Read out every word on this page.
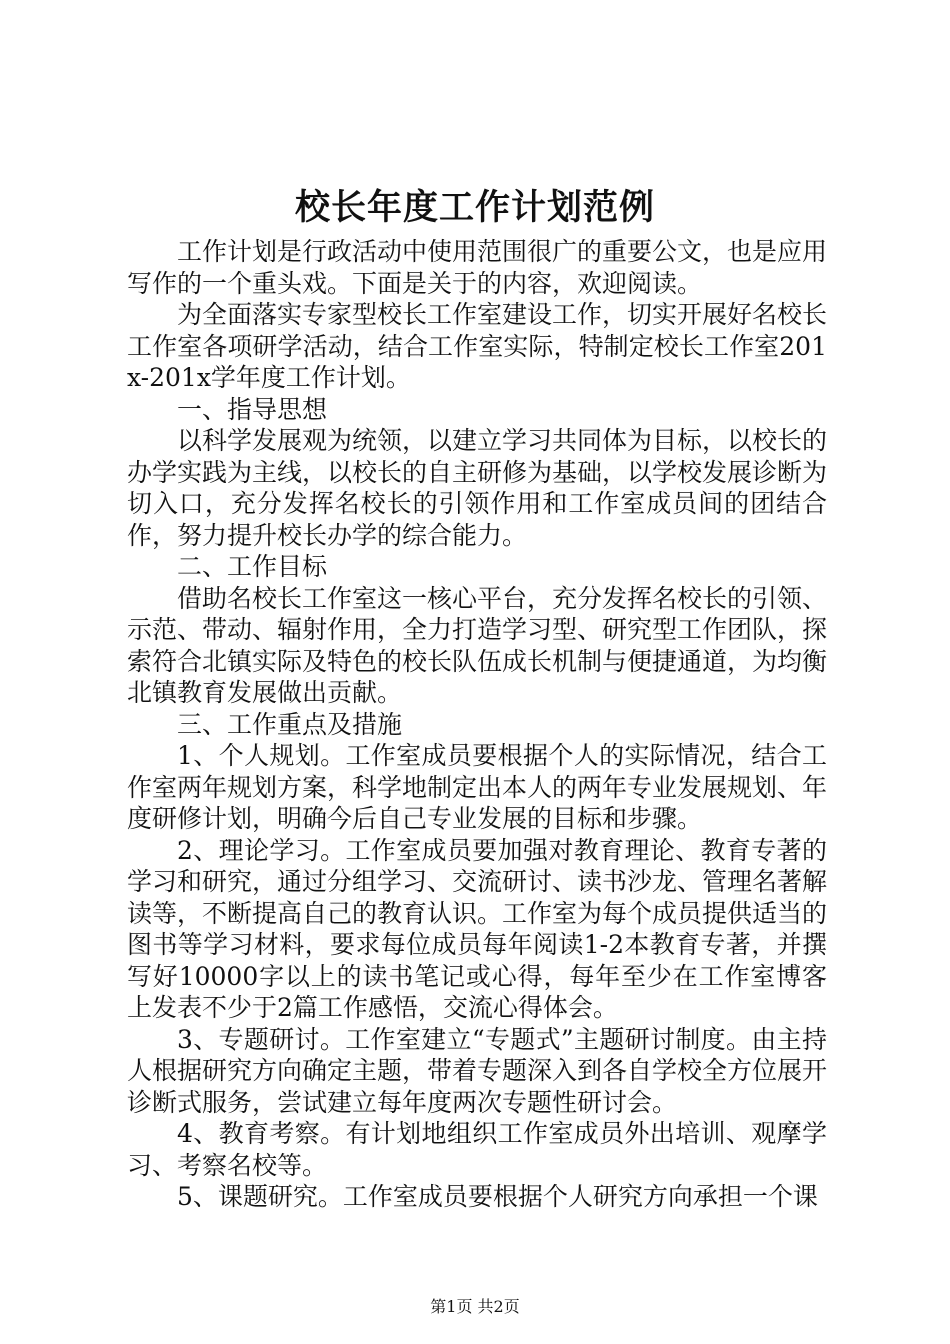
校长年度工作计划范例

工作计划是行政活动中使用范围很广的重要公文，也是应用写作的一个重头戏。下面是关于的内容，欢迎阅读。

为全面落实专家型校长工作室建设工作，切实开展好名校长工作室各项研学活动，结合工作室实际，特制定校长工作室201x-201x学年度工作计划。

一、指导思想

以科学发展观为统领，以建立学习共同体为目标，以校长的办学实践为主线，以校长的自主研修为基础，以学校发展诊断为切入口，充分发挥名校长的引领作用和工作室成员间的团结合作，努力提升校长办学的综合能力。

二、工作目标

借助名校长工作室这一核心平台，充分发挥名校长的引领、示范、带动、辐射作用，全力打造学习型、研究型工作团队，探索符合北镇实际及特色的校长队伍成长机制与便捷通道，为均衡北镇教育发展做出贡献。

三、工作重点及措施

1、个人规划。工作室成员要根据个人的实际情况，结合工作室两年规划方案，科学地制定出本人的两年专业发展规划、年度研修计划，明确今后自己专业发展的目标和步骤。

2、理论学习。工作室成员要加强对教育理论、教育专著的学习和研究，通过分组学习、交流研讨、读书沙龙、管理名著解读等，不断提高自己的教育认识。工作室为每个成员提供适当的图书等学习材料，要求每位成员每年阅读1-2本教育专著，并撰写好10000字以上的读书笔记或心得，每年至少在工作室博客上发表不少于2篇工作感悟，交流心得体会。

3、专题研讨。工作室建立“专题式”主题研讨制度。由主持人根据研究方向确定主题，带着专题深入到各自学校全方位展开诊断式服务，尝试建立每年度两次专题性研讨会。

4、教育考察。有计划地组织工作室成员外出培训、观摩学习、考察名校等。

5、课题研究。工作室成员要根据个人研究方向承担一个课

第1页 共2页
